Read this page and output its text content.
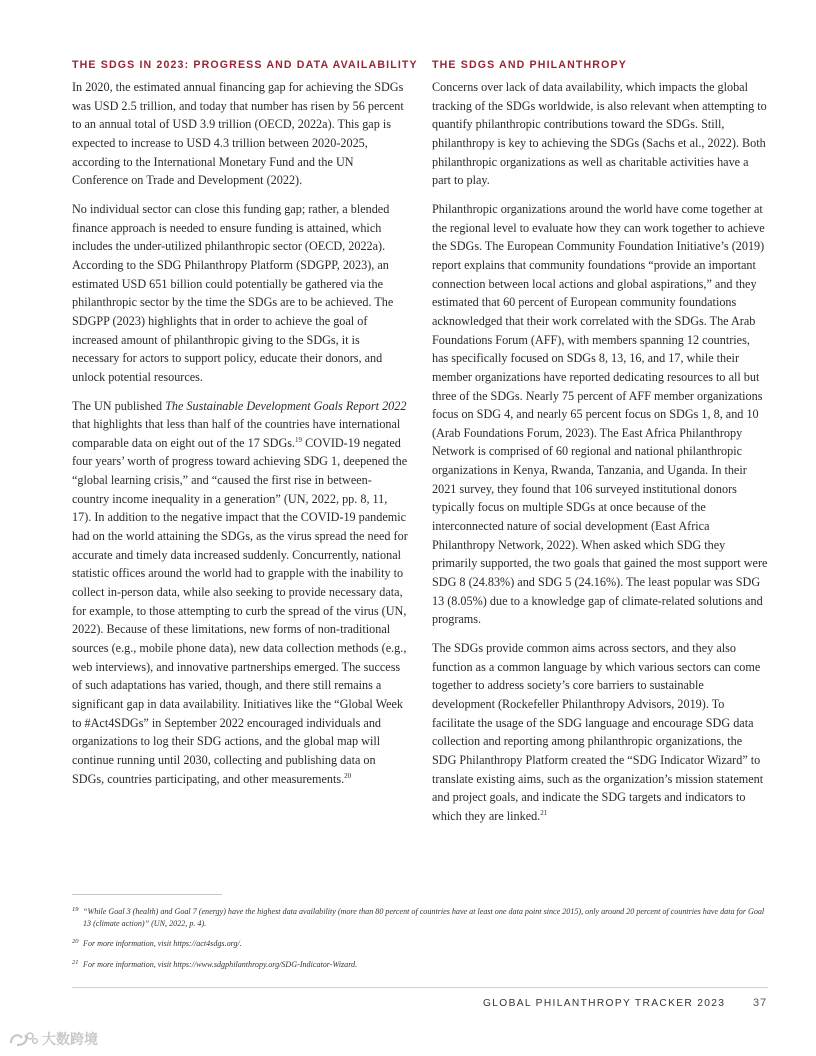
THE SDGS IN 2023: PROGRESS AND DATA AVAILABILITY

In 2020, the estimated annual financing gap for achieving the SDGs was USD 2.5 trillion, and today that number has risen by 56 percent to an annual total of USD 3.9 trillion (OECD, 2022a). This gap is expected to increase to USD 4.3 trillion between 2020-2025, according to the International Monetary Fund and the UN Conference on Trade and Development (2022).

No individual sector can close this funding gap; rather, a blended finance approach is needed to ensure funding is attained, which includes the under-utilized philanthropic sector (OECD, 2022a). According to the SDG Philanthropy Platform (SDGPP, 2023), an estimated USD 651 billion could potentially be gathered via the philanthropic sector by the time the SDGs are to be achieved. The SDGPP (2023) highlights that in order to achieve the goal of increased amount of philanthropic giving to the SDGs, it is necessary for actors to support policy, educate their donors, and unlock potential resources.

The UN published The Sustainable Development Goals Report 2022 that highlights that less than half of the countries have international comparable data on eight out of the 17 SDGs.$^{19}$ COVID-19 negated four years’ worth of progress toward achieving SDG 1, deepened the “global learning crisis,” and “caused the first rise in between-country income inequality in a generation” (UN, 2022, pp. 8, 11, 17). In addition to the negative impact that the COVID-19 pandemic had on the world attaining the SDGs, as the virus spread the need for accurate and timely data increased suddenly. Concurrently, national statistic offices around the world had to grapple with the inability to collect in-person data, while also seeking to provide necessary data, for example, to those attempting to curb the spread of the virus (UN, 2022). Because of these limitations, new forms of non-traditional sources (e.g., mobile phone data), new data collection methods (e.g., web interviews), and innovative partnerships emerged. The success of such adaptations has varied, though, and there still remains a significant gap in data availability. Initiatives like the “Global Week to #Act4SDGs” in September 2022 encouraged individuals and organizations to log their SDG actions, and the global map will continue running until 2030, collecting and publishing data on SDGs, countries participating, and other measurements.$^{20}$

THE SDGS AND PHILANTHROPY

Concerns over lack of data availability, which impacts the global tracking of the SDGs worldwide, is also relevant when attempting to quantify philanthropic contributions toward the SDGs. Still, philanthropy is key to achieving the SDGs (Sachs et al., 2022). Both philanthropic organizations as well as charitable activities have a part to play.

Philanthropic organizations around the world have come together at the regional level to evaluate how they can work together to achieve the SDGs. The European Community Foundation Initiative’s (2019) report explains that community foundations “provide an important connection between local actions and global aspirations,” and they estimated that 60 percent of European community foundations acknowledged that their work correlated with the SDGs. The Arab Foundations Forum (AFF), with members spanning 12 countries, has specifically focused on SDGs 8, 13, 16, and 17, while their member organizations have reported dedicating resources to all but three of the SDGs. Nearly 75 percent of AFF member organizations focus on SDG 4, and nearly 65 percent focus on SDGs 1, 8, and 10 (Arab Foundations Forum, 2023). The East Africa Philanthropy Network is comprised of 60 regional and national philanthropic organizations in Kenya, Rwanda, Tanzania, and Uganda. In their 2021 survey, they found that 106 surveyed institutional donors typically focus on multiple SDGs at once because of the interconnected nature of social development (East Africa Philanthropy Network, 2022). When asked which SDG they primarily supported, the two goals that gained the most support were SDG 8 (24.83%) and SDG 5 (24.16%). The least popular was SDG 13 (8.05%) due to a knowledge gap of climate-related solutions and programs.

The SDGs provide common aims across sectors, and they also function as a common language by which various sectors can come together to address society’s core barriers to sustainable development (Rockefeller Philanthropy Advisors, 2019). To facilitate the usage of the SDG language and encourage SDG data collection and reporting among philanthropic organizations, the SDG Philanthropy Platform created the “SDG Indicator Wizard” to translate existing aims, such as the organization’s mission statement and project goals, and indicate the SDG targets and indicators to which they are linked.$^{21}$

19 “While Goal 3 (health) and Goal 7 (energy) have the highest data availability (more than 80 percent of countries have at least one data point since 2015), only around 20 percent of countries have data for Goal 13 (climate action)” (UN, 2022, p. 4).
20 For more information, visit https://act4sdgs.org/.
21 For more information, visit https://www.sdgphilanthropy.org/SDG-Indicator-Wizard.
GLOBAL PHILANTHROPY TRACKER 2023	37
大数跨境
